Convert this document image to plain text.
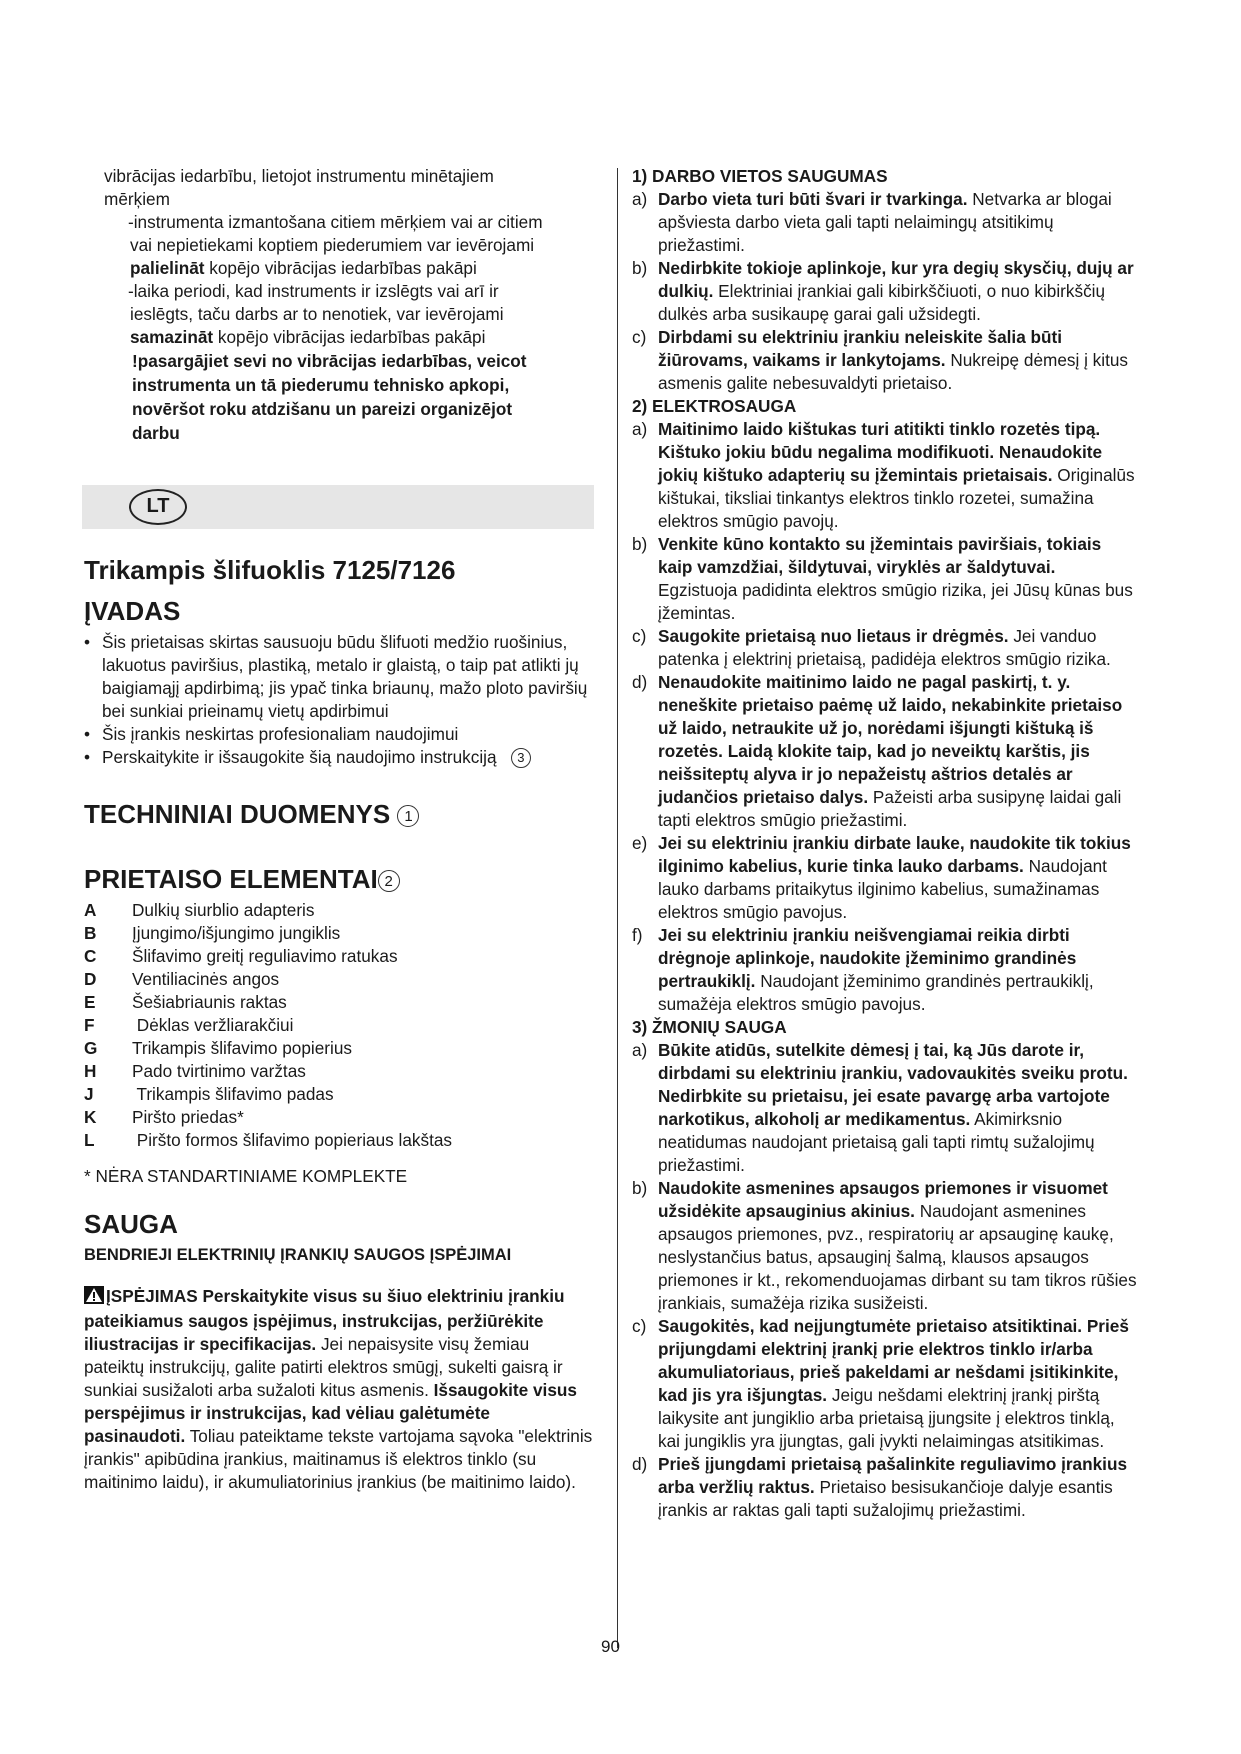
vibrācijas iedarbību, lietojot instrumentu minētajiem
mērķiem
-instrumenta izmantošana citiem mērķiem vai ar citiem
vai nepietiekami koptiem piederumiem var ievērojami
palielināt kopējo vibrācijas iedarbības pakāpi
-laika periodi, kad instruments ir izslēgts vai arī ir
ieslēgts, taču darbs ar to nenotiek, var ievērojami
samazināt kopējo vibrācijas iedarbības pakāpi
!pasargājiet sevi no vibrācijas iedarbības, veicot instrumenta un tā piederumu tehnisko apkopi, novēršot roku atdzišanu un pareizi organizējot darbu
LT
Trikampis šlifuoklis 7125/7126
ĮVADAS
• Šis prietaisas skirtas sausuoju būdu šlifuoti medžio ruošinius, lakuotus paviršius, plastiką, metalo ir glaistą, o taip pat atlikti jų baigiamąjį apdirbimą; jis ypač tinka briaunų, mažo ploto paviršių bei sunkiai prieinamų vietų apdirbimui
• Šis įrankis neskirtas profesionaliam naudojimui
• Perskaitykite ir išsaugokite šią naudojimo instrukciją 3
TECHNINIAI DUOMENYS 1
PRIETAISO ELEMENTAI 2
A	Dulkių siurblio adapteris
B	Įjungimo/išjungimo jungiklis
C	Šlifavimo greitį reguliavimo ratukas
D	Ventiliacinės angos
E	Šešiabriaunis raktas
F	Dėklas veržliarakčiui
G	Trikampis šlifavimo popierius
H	Pado tvirtinimo varžtas
J	Trikampis šlifavimo padas
K	Piršto priedas*
L	Piršto formos šlifavimo popieriaus lakštas
* NĖRA STANDARTINIAME KOMPLEKTE
SAUGA
BENDRIEJI ELEKTRINIŲ ĮRANKIŲ SAUGOS ĮSPĖJIMAI
ĮSPĖJIMAS Perskaitykite visus su šiuo elektriniu įrankiu pateikiamus saugos įspėjimus, instrukcijas, peržiūrėkite iliustracijas ir specifikacijas. Jei nepaisysite visų žemiau pateiktų instrukcijų, galite patirti elektros smūgį, sukelti gaisrą ir sunkiai susižaloti arba sužaloti kitus asmenis. Išsaugokite visus perspėjimus ir instrukcijas, kad vėliau galėtumėte pasinaudoti. Toliau pateiktame tekste vartojama sąvoka "elektrinis įrankis" apibūdina įrankius, maitinamus iš elektros tinklo (su maitinimo laidu), ir akumuliatorinius įrankius (be maitinimo laido).
1) DARBO VIETOS SAUGUMAS
a) Darbo vieta turi būti švari ir tvarkinga. Netvarka ar blogai apšviesta darbo vieta gali tapti nelaimingų atsitikimų priežastimi.
b) Nedirbkite tokioje aplinkoje, kur yra degių skysčių, dujų ar dulkių. Elektriniai įrankiai gali kibirkščiuoti, o nuo kibirkščių dulkės arba susikaupę garai gali užsidegti.
c) Dirbdami su elektriniu įrankiu neleiskite šalia būti žiūrovams, vaikams ir lankytojams. Nukreipę dėmesį į kitus asmenis galite nebesuvaldyti prietaiso.
2) ELEKTROSAUGA
a) Maitinimo laido kištukas turi atitikti tinklo rozetės tipą. Kištuko jokiu būdu negalima modifikuoti. Nenaudokite jokių kištuko adapterių su įžemintais prietaisais. Originalūs kištukai, tiksliai tinkantys elektros tinklo rozetei, sumažina elektros smūgio pavojų.
b) Venkite kūno kontakto su įžemintais paviršiais, tokiais kaip vamzdžiai, šildytuvai, viryklės ar šaldytuvai. Egzistuoja padidinta elektros smūgio rizika, jei Jūsų kūnas bus įžemintas.
c) Saugokite prietaisą nuo lietaus ir drėgmės. Jei vanduo patenka į elektrinį prietaisą, padidėja elektros smūgio rizika.
d) Nenaudokite maitinimo laido ne pagal paskirtį, t. y. neneškite prietaiso paėmę už laido, nekabinkite prietaiso už laido, netraukite už jo, norėdami išjungti kištuką iš rozetės. Laidą klokite taip, kad jo neveiktų karštis, jis neišsiteptų alyva ir jo nepažeistų aštrios detalės ar judančios prietaiso dalys. Pažeisti arba susipynę laidai gali tapti elektros smūgio priežastimi.
e) Jei su elektriniu įrankiu dirbate lauke, naudokite tik tokius ilginimo kabelius, kurie tinka lauko darbams. Naudojant lauko darbams pritaikytus ilginimo kabelius, sumažinamas elektros smūgio pavojus.
f) Jei su elektriniu įrankiu neišvengiamai reikia dirbti drėgnoje aplinkoje, naudokite įžeminimo grandinės pertraukiklį. Naudojant įžeminimo grandinės pertraukiklį, sumažėja elektros smūgio pavojus.
3) ŽMONIŲ SAUGA
a) Būkite atidūs, sutelkite dėmesį į tai, ką Jūs darote ir, dirbdami su elektriniu įrankiu, vadovaukitės sveiku protu. Nedirbkite su prietaisu, jei esate pavargę arba vartojote narkotikus, alkoholį ar medikamentus. Akimirksnio neatidumas naudojant prietaisą gali tapti rimtų sužalojimų priežastimi.
b) Naudokite asmenines apsaugos priemones ir visuomet užsidėkite apsauginius akinius. Naudojant asmenines apsaugos priemones, pvz., respiratorių ar apsauginę kaukę, neslystančius batus, apsauginį šalmą, klausos apsaugos priemones ir kt., rekomenduojamas dirbant su tam tikros rūšies įrankiais, sumažėja rizika susižeisti.
c) Saugokitės, kad neįjungtumėte prietaiso atsitiktinai. Prieš prijungdami elektrinį įrankį prie elektros tinklo ir/arba akumuliatoriaus, prieš pakeldami ar nešdami įsitikinkite, kad jis yra išjungtas. Jeigu nešdami elektrinį įrankį pirštą laikysite ant jungiklio arba prietaisą įjungsite į elektros tinklą, kai jungiklis yra įjungtas, gali įvykti nelaimingas atsitikimas.
d) Prieš įjungdami prietaisą pašalinkite reguliavimo įrankius arba veržlių raktus. Prietaiso besisukančioje dalyje esantis įrankis ar raktas gali tapti sužalojimų priežastimi.
90
